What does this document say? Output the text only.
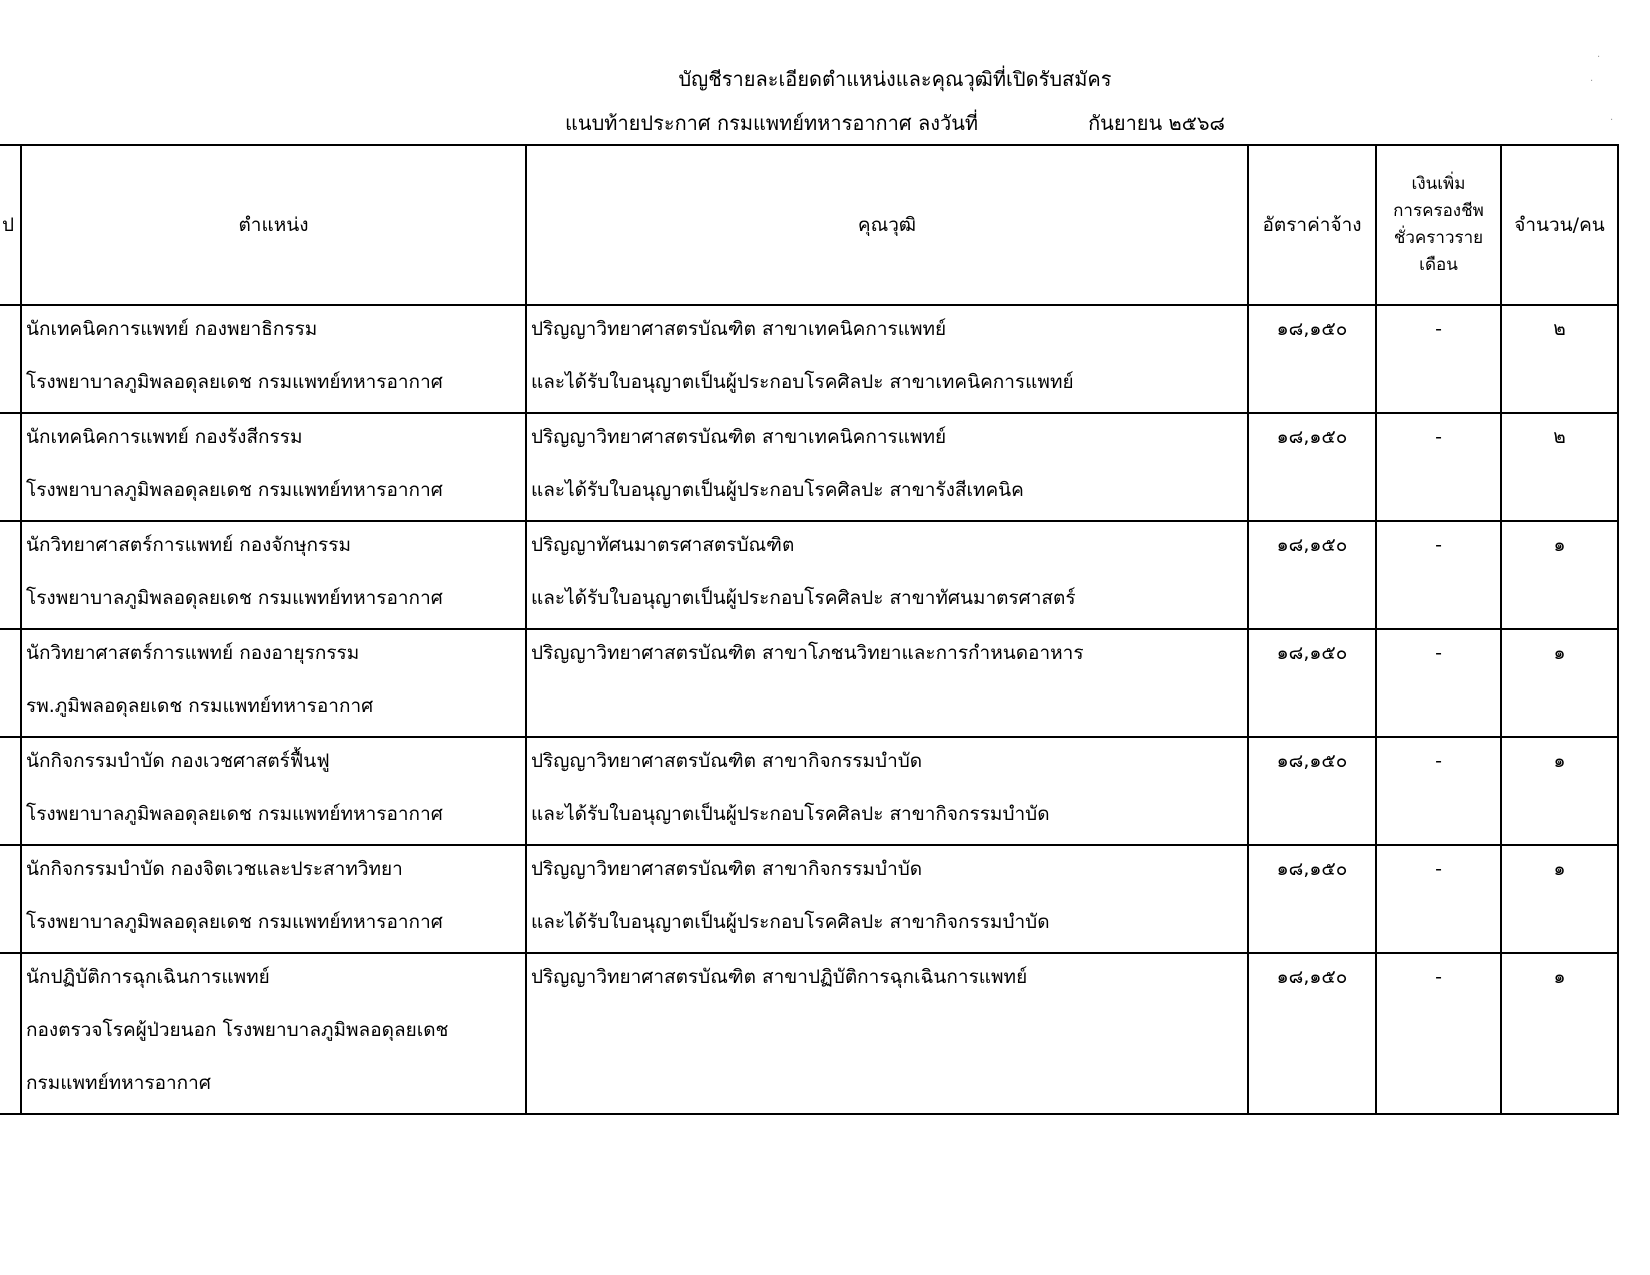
บัญชีรายละเอียดตำแหน่งและคุณวุฒิที่เปิดรับสมัคร
แนบท้ายประกาศ กรมแพทย์ทหารอากาศ ลงวันที่	กันยายน ๒๕๖๘
·
·
·
ป	ตำแหน่ง	คุณวุฒิ	อัตราค่าจ้าง	เงินเพิ่ม
การครองชีพ
ชั่วคราวราย
เดือน	จำนวน/คน

	นักเทคนิคการแพทย์ กองพยาธิกรรม
โรงพยาบาลภูมิพลอดุลยเดช กรมแพทย์ทหารอากาศ	ปริญญาวิทยาศาสตรบัณฑิต สาขาเทคนิคการแพทย์
และได้รับใบอนุญาตเป็นผู้ประกอบโรคศิลปะ สาขาเทคนิคการแพทย์	๑๘,๑๕๐	-	๒

	นักเทคนิคการแพทย์ กองรังสีกรรม
โรงพยาบาลภูมิพลอดุลยเดช กรมแพทย์ทหารอากาศ	ปริญญาวิทยาศาสตรบัณฑิต สาขาเทคนิคการแพทย์
และได้รับใบอนุญาตเป็นผู้ประกอบโรคศิลปะ สาขารังสีเทคนิค	๑๘,๑๕๐	-	๒

	นักวิทยาศาสตร์การแพทย์ กองจักษุกรรม
โรงพยาบาลภูมิพลอดุลยเดช กรมแพทย์ทหารอากาศ	ปริญญาทัศนมาตรศาสตรบัณฑิต
และได้รับใบอนุญาตเป็นผู้ประกอบโรคศิลปะ สาขาทัศนมาตรศาสตร์	๑๘,๑๕๐	-	๑

	นักวิทยาศาสตร์การแพทย์ กองอายุรกรรม
รพ.ภูมิพลอดุลยเดช กรมแพทย์ทหารอากาศ	ปริญญาวิทยาศาสตรบัณฑิต สาขาโภชนวิทยาและการกำหนดอาหาร	๑๘,๑๕๐	-	๑

	นักกิจกรรมบำบัด กองเวชศาสตร์ฟื้นฟู
โรงพยาบาลภูมิพลอดุลยเดช กรมแพทย์ทหารอากาศ	ปริญญาวิทยาศาสตรบัณฑิต สาขากิจกรรมบำบัด
และได้รับใบอนุญาตเป็นผู้ประกอบโรคศิลปะ สาขากิจกรรมบำบัด	๑๘,๑๕๐	-	๑

	นักกิจกรรมบำบัด กองจิตเวชและประสาทวิทยา
โรงพยาบาลภูมิพลอดุลยเดช กรมแพทย์ทหารอากาศ	ปริญญาวิทยาศาสตรบัณฑิต สาขากิจกรรมบำบัด
และได้รับใบอนุญาตเป็นผู้ประกอบโรคศิลปะ สาขากิจกรรมบำบัด	๑๘,๑๕๐	-	๑

	นักปฏิบัติการฉุกเฉินการแพทย์
กองตรวจโรคผู้ป่วยนอก โรงพยาบาลภูมิพลอดุลยเดช
กรมแพทย์ทหารอากาศ	ปริญญาวิทยาศาสตรบัณฑิต สาขาปฏิบัติการฉุกเฉินการแพทย์	๑๘,๑๕๐	-	๑
